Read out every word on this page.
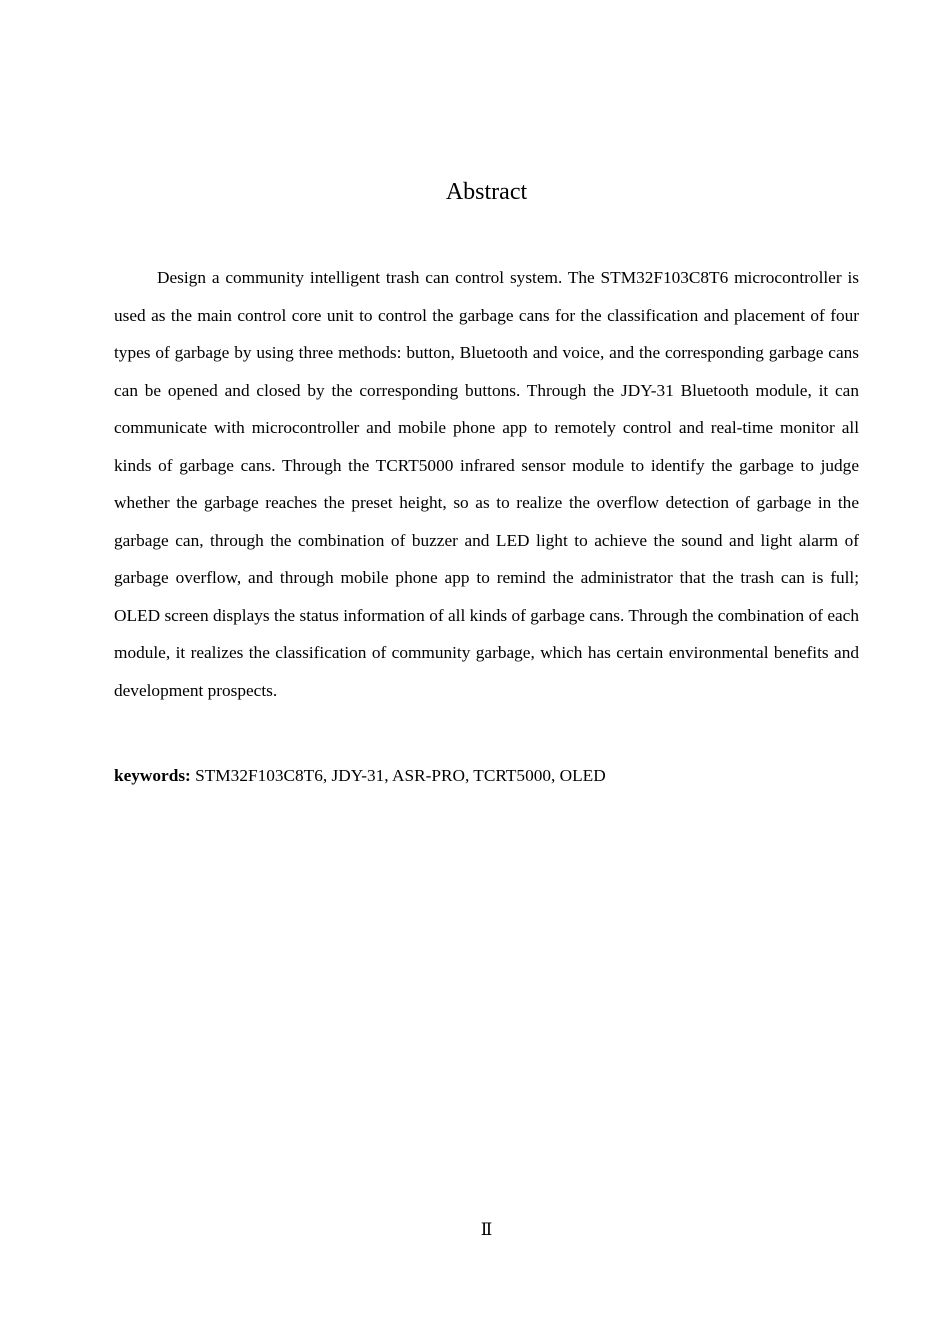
Abstract

Design a community intelligent trash can control system. The STM32F103C8T6 microcontroller is used as the main control core unit to control the garbage cans for the classification and placement of four types of garbage by using three methods: button, Bluetooth and voice, and the corresponding garbage cans can be opened and closed by the corresponding buttons. Through the JDY-31 Bluetooth module, it can communicate with microcontroller and mobile phone app to remotely control and real-time monitor all kinds of garbage cans. Through the TCRT5000 infrared sensor module to identify the garbage to judge whether the garbage reaches the preset height, so as to realize the overflow detection of garbage in the garbage can, through the combination of buzzer and LED light to achieve the sound and light alarm of garbage overflow, and through mobile phone app to remind the administrator that the trash can is full; OLED screen displays the status information of all kinds of garbage cans. Through the combination of each module, it realizes the classification of community garbage, which has certain environmental benefits and development prospects.

keywords: STM32F103C8T6, JDY-31, ASR-PRO, TCRT5000, OLED

Ⅱ
